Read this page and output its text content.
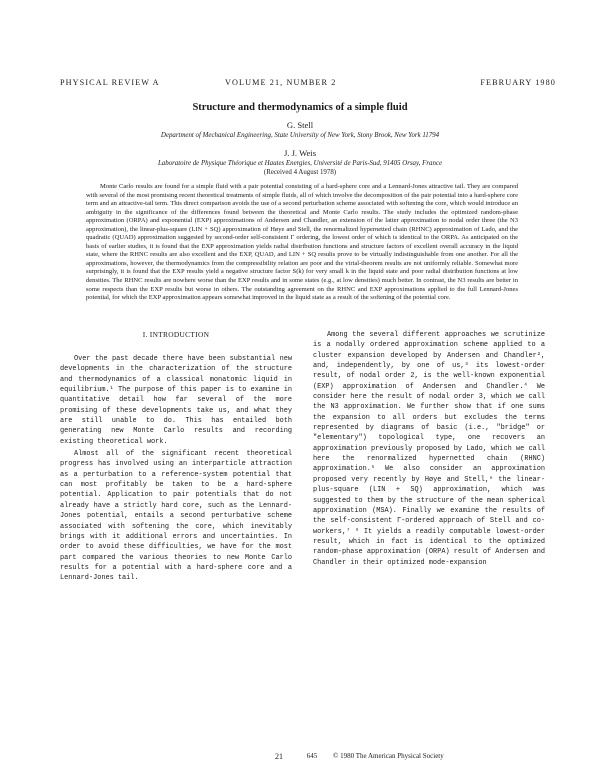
PHYSICAL REVIEW A	VOLUME 21, NUMBER 2	FEBRUARY 1980
Structure and thermodynamics of a simple fluid
G. Stell
Department of Mechanical Engineering, State University of New York, Stony Brook, New York 11794
J. J. Weis
Laboratoire de Physique Théorique et Hautes Energies, Université de Paris-Sud, 91405 Orsay, France
(Received 4 August 1978)

Monte Carlo results are found for a simple fluid with a pair potential consisting of a hard-sphere core and a Lennard-Jones attractive tail. They are compared with several of the most promising recent theoretical treatments of simple fluids, all of which involve the decomposition of the pair potential into a hard-sphere core term and an attractive-tail term. This direct comparison avoids the use of a second perturbation scheme associated with softening the core, which would introduce an ambiguity in the significance of the differences found between the theoretical and Monte Carlo results. The study includes the optimized random-phase approximation (ORPA) and exponential (EXP) approximations of Andersen and Chandler, an extension of the latter approximation to nodal order three (the N3 approximation), the linear-plus-square (LIN + SQ) approximation of Høye and Stell, the renormalized hypernetted chain (RHNC) approximation of Lado, and the quadratic (QUAD) approximation suggested by second-order self-consistent Γ ordering, the lowest order of which is identical to the ORPA. As anticipated on the basis of earlier studies, it is found that the EXP approximation yields radial distribution functions and structure factors of excellent overall accuracy in the liquid state, where the RHNC results are also excellent and the EXP, QUAD, and LIN + SQ results prove to be virtually indistinguishable from one another. For all the approximations, however, the thermodynamics from the compressibility relation are poor and the virial-theorem results are not uniformly reliable. Somewhat more surprisingly, it is found that the EXP results yield a negative structure factor S(k) for very small k in the liquid state and poor radial distribution functions at low densities. The RHNC results are nowhere worse than the EXP results and in some states (e.g., at low densities) much better. In contrast, the N3 results are better in some respects than the EXP results but worse in others. The outstanding agreement on the RHNC and EXP approximations applied to the full Lennard-Jones potential, for which the EXP approximation appears somewhat improved in the liquid state as a result of the softening of the potential core.

I. INTRODUCTION

Over the past decade there have been substantial new developments in the characterization of the structure and thermodynamics of a classical monatomic liquid in equilibrium.¹ The purpose of this paper is to examine in quantitative detail how far several of the more promising of these developments take us, and what they are still unable to do. This has entailed both generating new Monte Carlo results and recording existing theoretical work.

Almost all of the significant recent theoretical progress has involved using an interparticle attraction as a perturbation to a reference-system potential that can most profitably be taken to be a hard-sphere potential. Application to pair potentials that do not already have a strictly hard core, such as the Lennard-Jones potential, entails a second perturbative scheme associated with softening the core, which inevitably brings with it additional errors and uncertainties. In order to avoid these difficulties, we have for the most part compared the various theories to new Monte Carlo results for a potential with a hard-sphere core and a Lennard-Jones tail.

Among the several different approaches we scrutinize is a nodally ordered approximation scheme applied to a cluster expansion developed by Andersen and Chandler², and, independently, by one of us,³ its lowest-order result, of nodal order 2, is the well-known exponential (EXP) approximation of Andersen and Chandler.⁴ We consider here the result of nodal order 3, which we call the N3 approximation. We further show that if one sums the expansion to all orders but excludes the terms represented by diagrams of basic (i.e., "bridge" or "elementary") topological type, one recovers an approximation previously proposed by Lado, which we call here the renormalized hypernetted chain (RHNC) approximation.⁵ We also consider an approximation proposed very recently by Høye and Stell,⁶ the linear-plus-square (LIN + SQ) approximation, which was suggested to them by the structure of the mean spherical approximation (MSA). Finally we examine the results of the self-consistent Γ-ordered approach of Stell and co-workers,⁷ ⁸ It yields a readily computable lowest-order result, which in fact is identical to the optimized random-phase approximation (ORPA) result of Andersen and Chandler in their optimized mode-expansion

21	645	© 1980 The American Physical Society
